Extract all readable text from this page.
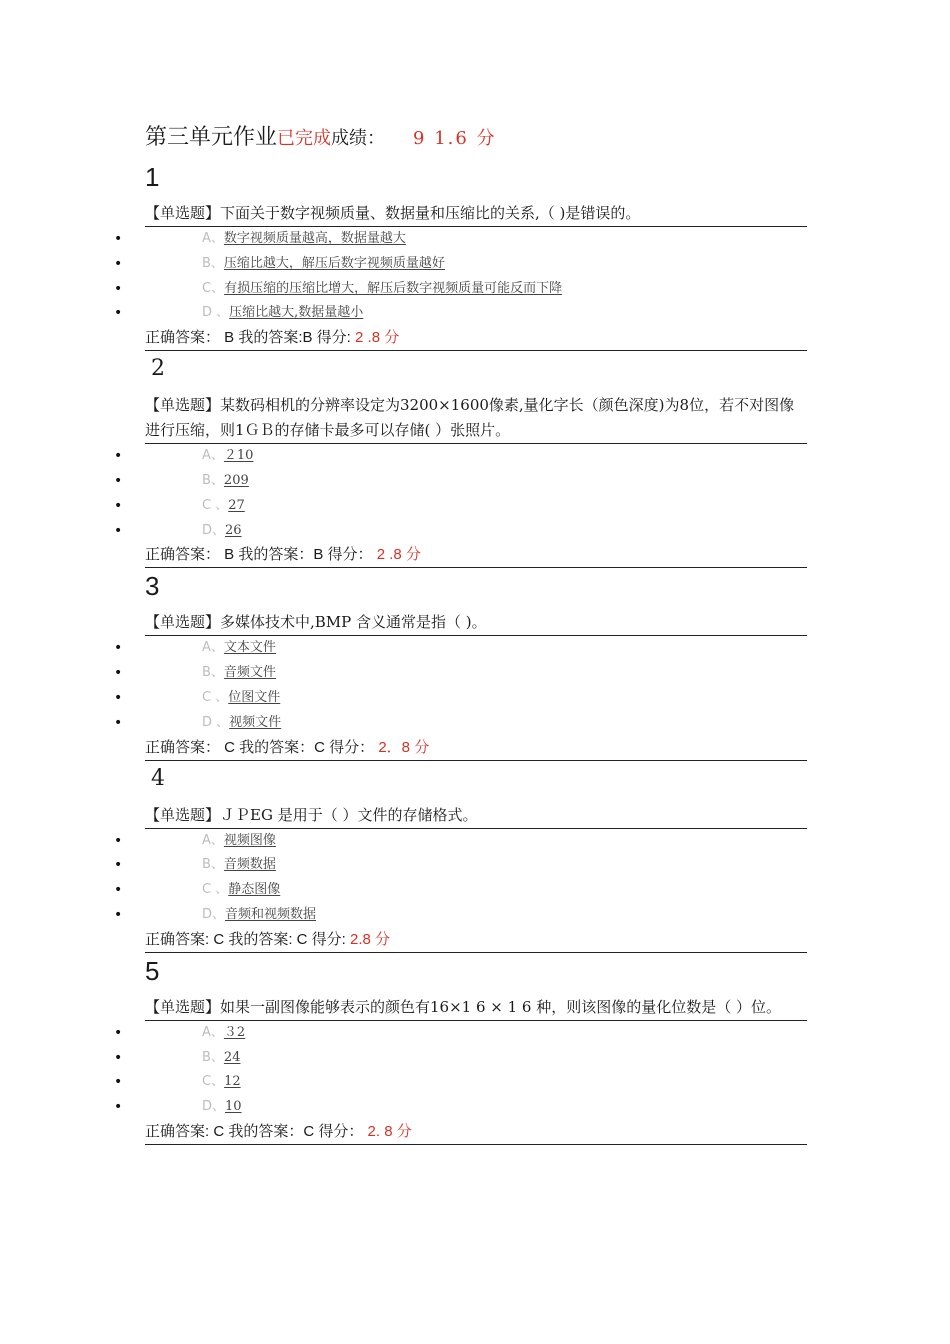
第三单元作业 已完成 成绩： 9 1.6 分
1
【单选题】下面关于数字视频质量、数据量和压缩比的关系,（ )是错误的。
•	A、数字视频质量越高，数据量越大
•	B、压缩比越大，解压后数字视频质量越好
•	C、有损压缩的压缩比增大，解压后数字视频质量可能反而下降
•	D 、压缩比越大,数据量越小
正确答案： B 我的答案:B 得分: 2 .8 分
2
【单选题】某数码相机的分辨率设定为3200×1600像素,量化字长（颜色深度)为8位，若不对图像进行压缩，则1ＧＢ的存储卡最多可以存储( ）张照片。
•	A、２10
•	B、209
•	C 、27
•	D、26
正确答案： B 我的答案：B 得分： 2 .8 分
3
【单选题】多媒体技术中,BMP 含义通常是指（ )。
•	A、文本文件
•	B、音频文件
•	C 、位图文件
•	D 、视频文件
正确答案： C 我的答案：C 得分： 2．8 分
4
【单选题】ＪＰEG 是用于（ ）文件的存储格式。
•	A、视频图像
•	B、音频数据
•	C 、静态图像
•	D、音频和视频数据
正确答案: C 我的答案: C 得分: 2.8 分
5
【单选题】如果一副图像能够表示的颜色有16×1 6 × 1 6 种，则该图像的量化位数是（ ）位。
•	A、３2
•	B、24
•	C、12
•	D、10
正确答案: C 我的答案：C 得分： 2. 8 分
